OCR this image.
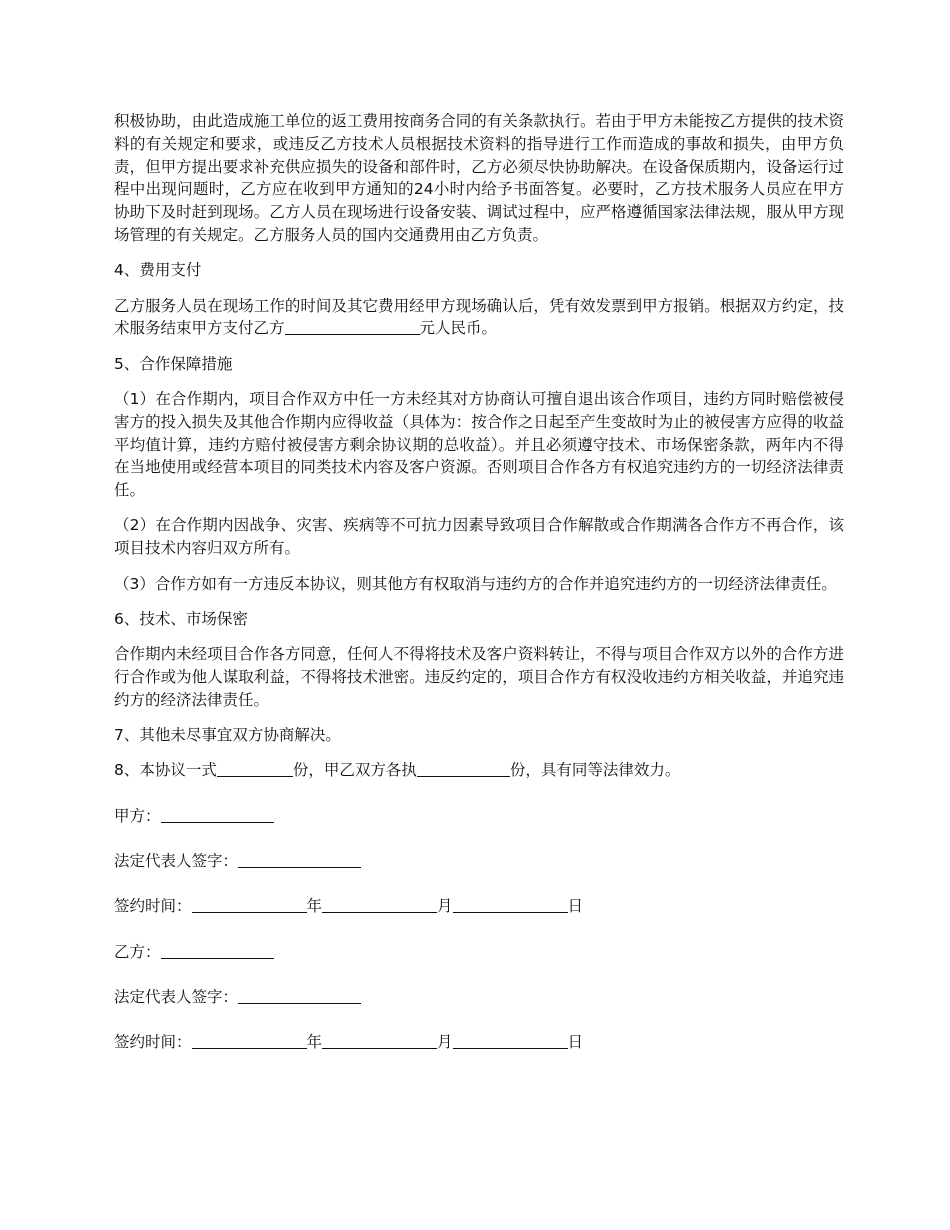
积极协助，由此造成施工单位的返工费用按商务合同的有关条款执行。若由于甲方未能按乙方提供的技术资料的有关规定和要求，或违反乙方技术人员根据技术资料的指导进行工作而造成的事故和损失，由甲方负责，但甲方提出要求补充供应损失的设备和部件时，乙方必须尽快协助解决。在设备保质期内，设备运行过程中出现问题时，乙方应在收到甲方通知的24小时内给予书面答复。必要时，乙方技术服务人员应在甲方协助下及时赶到现场。乙方人员在现场进行设备安装、调试过程中，应严格遵循国家法律法规，服从甲方现场管理的有关规定。乙方服务人员的国内交通费用由乙方负责。

4、费用支付

乙方服务人员在现场工作的时间及其它费用经甲方现场确认后，凭有效发票到甲方报销。根据双方约定，技术服务结束甲方支付乙方	元人民币。

5、合作保障措施

（1）在合作期内，项目合作双方中任一方未经其对方协商认可擅自退出该合作项目，违约方同时赔偿被侵害方的投入损失及其他合作期内应得收益（具体为：按合作之日起至产生变故时为止的被侵害方应得的收益平均值计算，违约方赔付被侵害方剩余协议期的总收益）。并且必须遵守技术、市场保密条款，两年内不得在当地使用或经营本项目的同类技术内容及客户资源。否则项目合作各方有权追究违约方的一切经济法律责任。

（2）在合作期内因战争、灾害、疾病等不可抗力因素导致项目合作解散或合作期满各合作方不再合作，该项目技术内容归双方所有。

（3）合作方如有一方违反本协议，则其他方有权取消与违约方的合作并追究违约方的一切经济法律责任。

6、技术、市场保密

合作期内未经项目合作各方同意，任何人不得将技术及客户资料转让，不得与项目合作双方以外的合作方进行合作或为他人谋取利益，不得将技术泄密。违反约定的，项目合作方有权没收违约方相关收益，并追究违约方的经济法律责任。

7、其他未尽事宜双方协商解决。

8、本协议一式	份，甲乙双方各执	份，具有同等法律效力。

甲方：

法定代表人签字：

签约时间：	年	月	日

乙方：

法定代表人签字：

签约时间：	年	月	日
